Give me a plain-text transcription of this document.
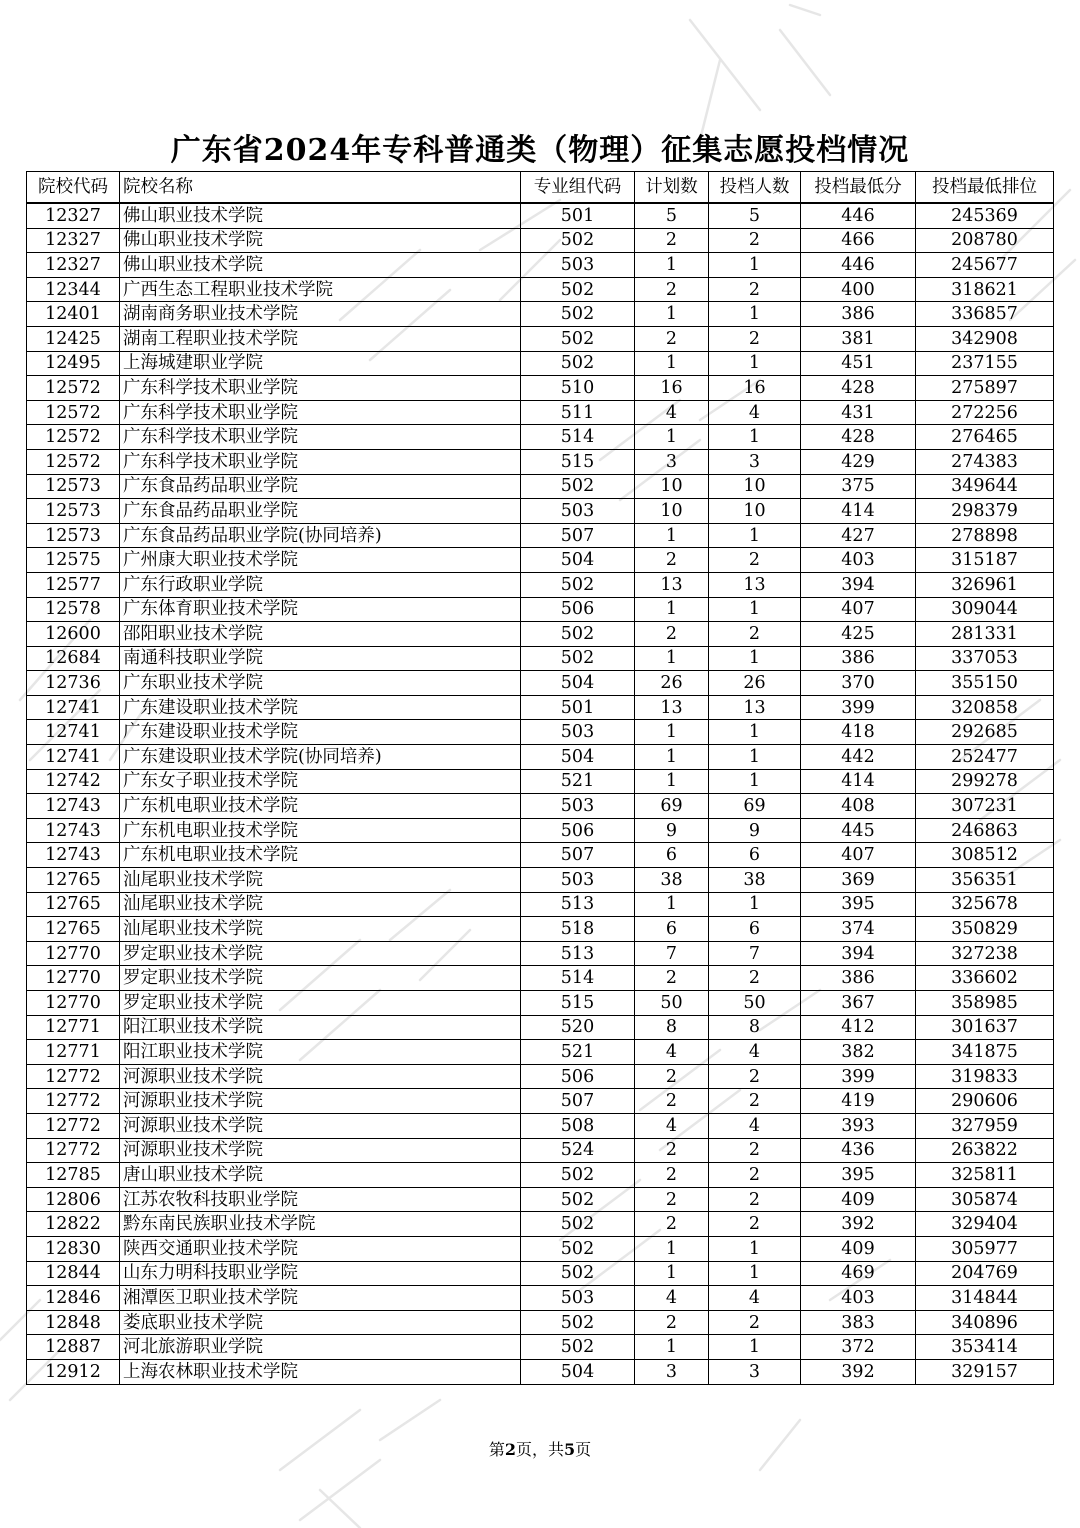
广东省2024年专科普通类（物理）征集志愿投档情况
院校代码	院校名称	专业组代码	计划数	投档人数	投档最低分	投档最低排位
12327	佛山职业技术学院	501	5	5	446	245369
12327	佛山职业技术学院	502	2	2	466	208780
12327	佛山职业技术学院	503	1	1	446	245677
12344	广西生态工程职业技术学院	502	2	2	400	318621
12401	湖南商务职业技术学院	502	1	1	386	336857
12425	湖南工程职业技术学院	502	2	2	381	342908
12495	上海城建职业学院	502	1	1	451	237155
12572	广东科学技术职业学院	510	16	16	428	275897
12572	广东科学技术职业学院	511	4	4	431	272256
12572	广东科学技术职业学院	514	1	1	428	276465
12572	广东科学技术职业学院	515	3	3	429	274383
12573	广东食品药品职业学院	502	10	10	375	349644
12573	广东食品药品职业学院	503	10	10	414	298379
12573	广东食品药品职业学院(协同培养)	507	1	1	427	278898
12575	广州康大职业技术学院	504	2	2	403	315187
12577	广东行政职业学院	502	13	13	394	326961
12578	广东体育职业技术学院	506	1	1	407	309044
12600	邵阳职业技术学院	502	2	2	425	281331
12684	南通科技职业学院	502	1	1	386	337053
12736	广东职业技术学院	504	26	26	370	355150
12741	广东建设职业技术学院	501	13	13	399	320858
12741	广东建设职业技术学院	503	1	1	418	292685
12741	广东建设职业技术学院(协同培养)	504	1	1	442	252477
12742	广东女子职业技术学院	521	1	1	414	299278
12743	广东机电职业技术学院	503	69	69	408	307231
12743	广东机电职业技术学院	506	9	9	445	246863
12743	广东机电职业技术学院	507	6	6	407	308512
12765	汕尾职业技术学院	503	38	38	369	356351
12765	汕尾职业技术学院	513	1	1	395	325678
12765	汕尾职业技术学院	518	6	6	374	350829
12770	罗定职业技术学院	513	7	7	394	327238
12770	罗定职业技术学院	514	2	2	386	336602
12770	罗定职业技术学院	515	50	50	367	358985
12771	阳江职业技术学院	520	8	8	412	301637
12771	阳江职业技术学院	521	4	4	382	341875
12772	河源职业技术学院	506	2	2	399	319833
12772	河源职业技术学院	507	2	2	419	290606
12772	河源职业技术学院	508	4	4	393	327959
12772	河源职业技术学院	524	2	2	436	263822
12785	唐山职业技术学院	502	2	2	395	325811
12806	江苏农牧科技职业学院	502	2	2	409	305874
12822	黔东南民族职业技术学院	502	2	2	392	329404
12830	陕西交通职业技术学院	502	1	1	409	305977
12844	山东力明科技职业学院	502	1	1	469	204769
12846	湘潭医卫职业技术学院	503	4	4	403	314844
12848	娄底职业技术学院	502	2	2	383	340896
12887	河北旅游职业学院	502	1	1	372	353414
12912	上海农林职业技术学院	504	3	3	392	329157
第2页，共5页
